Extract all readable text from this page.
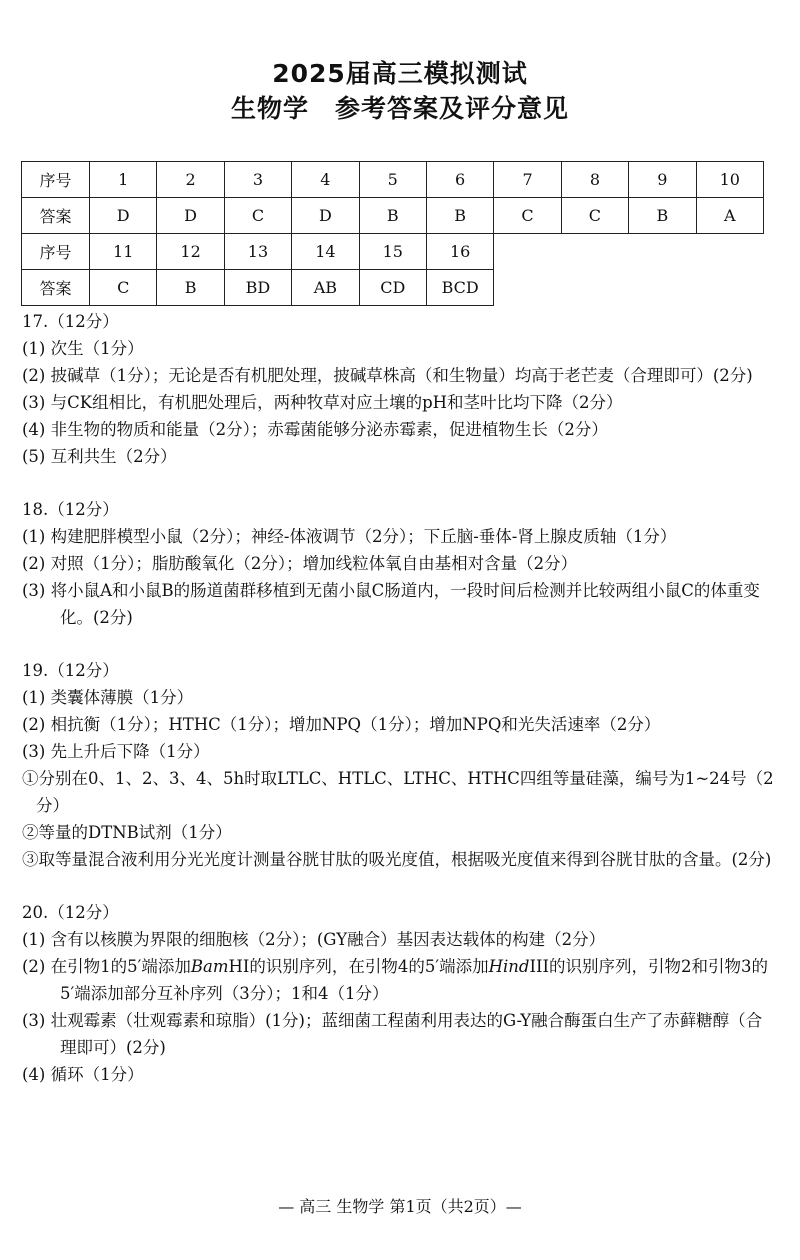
2025届高三模拟测试
生物学　参考答案及评分意见
序号	1	2	3	4	5	6	7	8	9	10
答案	D	D	C	D	B	B	C	C	B	A
序号	11	12	13	14	15	16				
答案	C	B	BD	AB	CD	BCD				
17.（12分）
(1) 次生（1分）
(2) 披碱草（1分）；无论是否有机肥处理，披碱草株高（和生物量）均高于老芒麦（合理即可）(2分)
(3) 与CK组相比，有机肥处理后，两种牧草对应土壤的pH和茎叶比均下降（2分）
(4) 非生物的物质和能量（2分）；赤霉菌能够分泌赤霉素，促进植物生长（2分）
(5) 互利共生（2分）
18.（12分）
(1) 构建肥胖模型小鼠（2分）；神经-体液调节（2分）；下丘脑-垂体-肾上腺皮质轴（1分）
(2) 对照（1分）；脂肪酸氧化（2分）；增加线粒体氧自由基相对含量（2分）
(3) 将小鼠A和小鼠B的肠道菌群移植到无菌小鼠C肠道内，一段时间后检测并比较两组小鼠C的体重变化。(2分)
19.（12分）
(1) 类囊体薄膜（1分）
(2) 相抗衡（1分）；HTHC（1分）；增加NPQ（1分）；增加NPQ和光失活速率（2分）
(3) 先上升后下降（1分）
①分别在0、1、2、3、4、5h时取LTLC、HTLC、LTHC、HTHC四组等量硅藻，编号为1~24号（2分）
②等量的DTNB试剂（1分）
③取等量混合液利用分光光度计测量谷胱甘肽的吸光度值，根据吸光度值来得到谷胱甘肽的含量。(2分)
20.（12分）
(1) 含有以核膜为界限的细胞核（2分）；(GY融合）基因表达载体的构建（2分）
(2) 在引物1的5′端添加BamHI的识别序列，在引物4的5′端添加HindIII的识别序列，引物2和引物3的5′端添加部分互补序列（3分）；1和4（1分）
(3) 壮观霉素（壮观霉素和琼脂）(1分)；蓝细菌工程菌利用表达的G-Y融合酶蛋白生产了赤藓糖醇（合理即可）(2分)
(4) 循环（1分）
— 高三 生物学 第1页（共2页）—
